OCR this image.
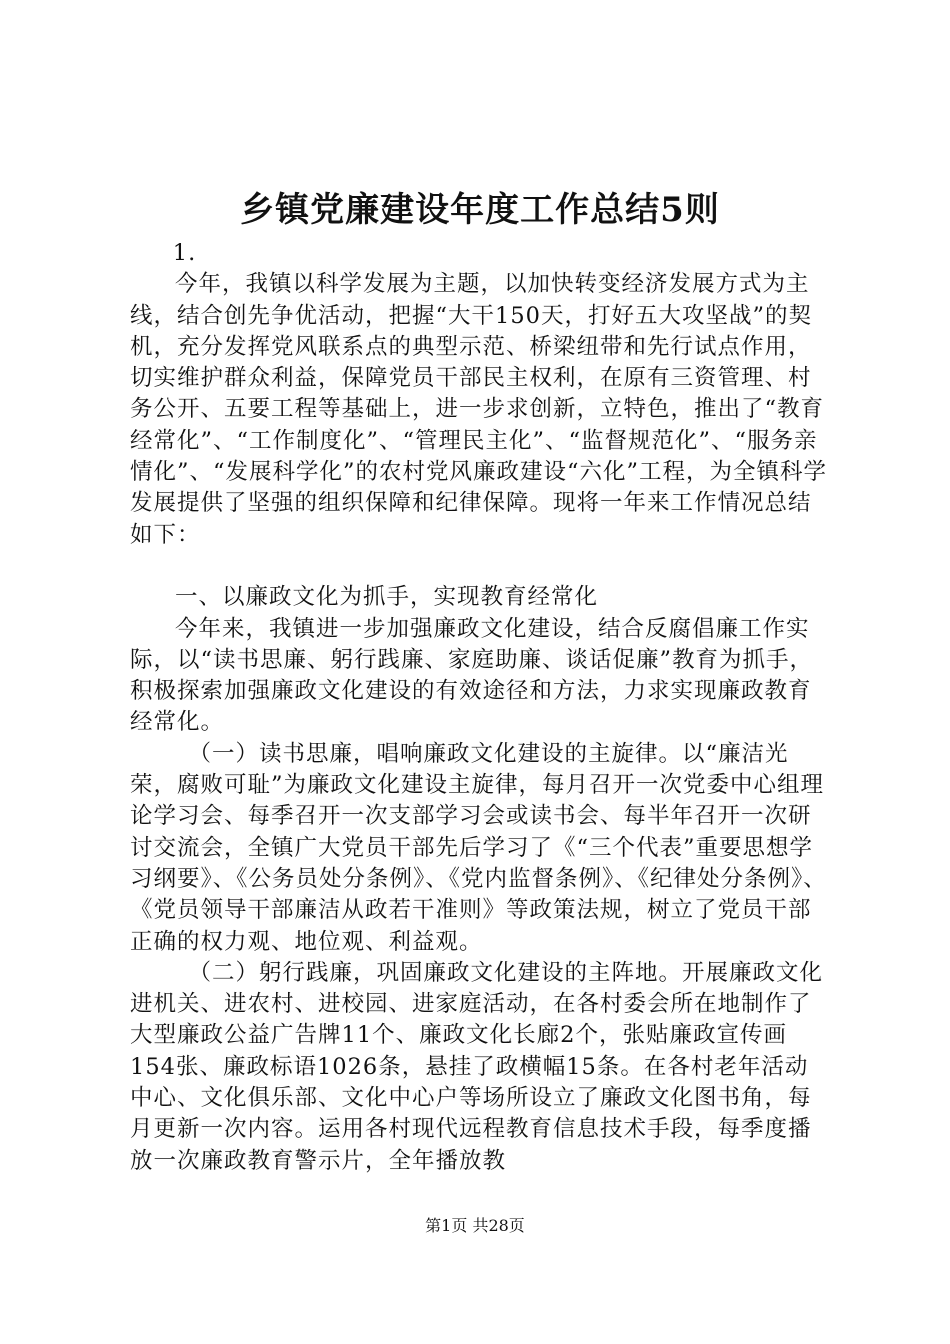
乡镇党廉建设年度工作总结5则

1.

今年，我镇以科学发展为主题，以加快转变经济发展方式为主线，结合创先争优活动，把握“大干150天，打好五大攻坚战”的契机，充分发挥党风联系点的典型示范、桥梁纽带和先行试点作用，切实维护群众利益，保障党员干部民主权利，在原有三资管理、村务公开、五要工程等基础上，进一步求创新，立特色，推出了“教育经常化”、“工作制度化”、“管理民主化”、“监督规范化”、“服务亲情化”、“发展科学化”的农村党风廉政建设“六化”工程，为全镇科学发展提供了坚强的组织保障和纪律保障。现将一年来工作情况总结如下：

一、以廉政文化为抓手，实现教育经常化

今年来，我镇进一步加强廉政文化建设，结合反腐倡廉工作实际，以“读书思廉、躬行践廉、家庭助廉、谈话促廉”教育为抓手，积极探索加强廉政文化建设的有效途径和方法，力求实现廉政教育经常化。

（一）读书思廉，唱响廉政文化建设的主旋律。以“廉洁光荣，腐败可耻”为廉政文化建设主旋律，每月召开一次党委中心组理论学习会、每季召开一次支部学习会或读书会、每半年召开一次研讨交流会，全镇广大党员干部先后学习了《“三个代表”重要思想学习纲要》、《公务员处分条例》、《党内监督条例》、《纪律处分条例》、《党员领导干部廉洁从政若干准则》等政策法规，树立了党员干部正确的权力观、地位观、利益观。

（二）躬行践廉，巩固廉政文化建设的主阵地。开展廉政文化进机关、进农村、进校园、进家庭活动，在各村委会所在地制作了大型廉政公益广告牌11个、廉政文化长廊2个，张贴廉政宣传画154张、廉政标语1026条，悬挂了政横幅15条。在各村老年活动中心、文化俱乐部、文化中心户等场所设立了廉政文化图书角，每月更新一次内容。运用各村现代远程教育信息技术手段，每季度播放一次廉政教育警示片，全年播放教

第1页 共28页
